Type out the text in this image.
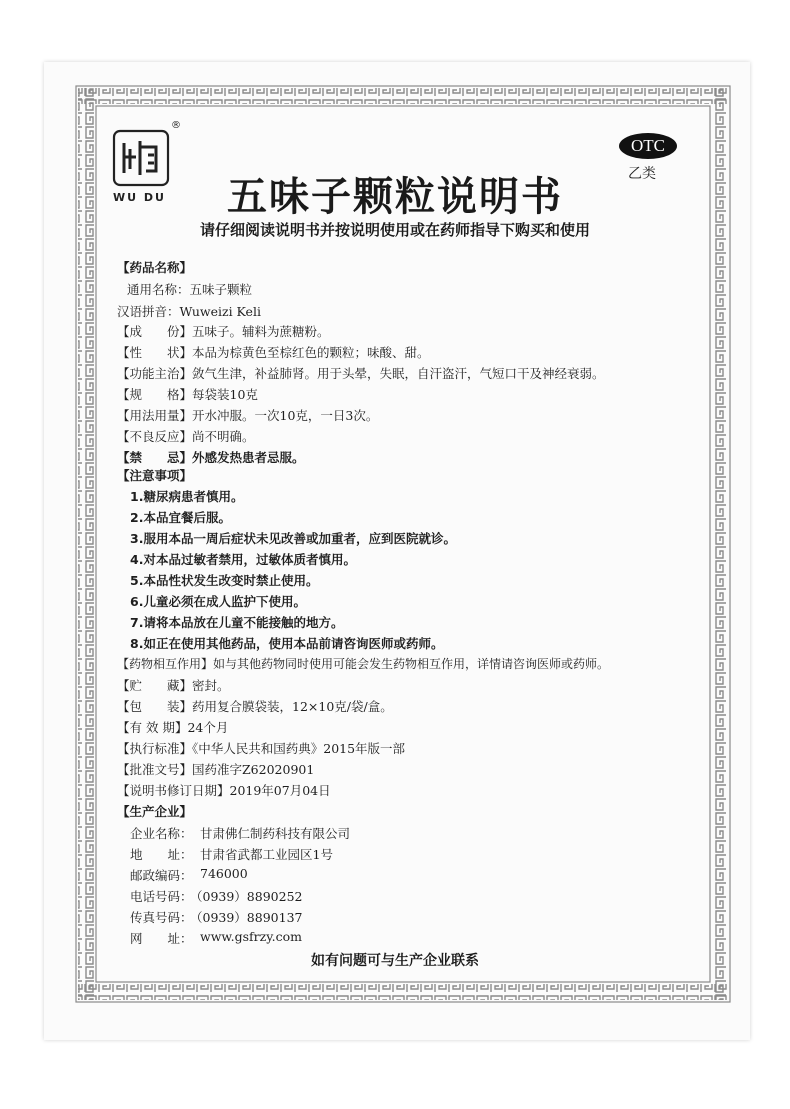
®
WU DU
OTC
乙类
五味子颗粒说明书
请仔细阅读说明书并按说明使用或在药师指导下购买和使用
【药品名称】
通用名称：五味子颗粒
汉语拼音：Wuweizi Keli
【成　　份】五味子。辅料为蔗糖粉。
【性　　状】本品为棕黄色至棕红色的颗粒；味酸、甜。
【功能主治】敛气生津，补益肺肾。用于头晕，失眠，自汗盗汗，气短口干及神经衰弱。
【规　　格】每袋装10克
【用法用量】开水冲服。一次10克，一日3次。
【不良反应】尚不明确。
【禁　　忌】外感发热患者忌服。
【注意事项】
1.糖尿病患者慎用。
2.本品宜餐后服。
3.服用本品一周后症状未见改善或加重者，应到医院就诊。
4.对本品过敏者禁用，过敏体质者慎用。
5.本品性状发生改变时禁止使用。
6.儿童必须在成人监护下使用。
7.请将本品放在儿童不能接触的地方。
8.如正在使用其他药品，使用本品前请咨询医师或药师。
【药物相互作用】如与其他药物同时使用可能会发生药物相互作用，详情请咨询医师或药师。
【贮　　藏】密封。
【包　　装】药用复合膜袋装，12×10克/袋/盒。
【有 效 期】24个月
【执行标准】《中华人民共和国药典》2015年版一部
【批准文号】国药准字Z62020901
【说明书修订日期】2019年07月04日
【生产企业】
企业名称： 甘肃佛仁制药科技有限公司
地　　址： 甘肃省武都工业园区1号
邮政编码： 746000
电话号码：
（0939）8890252
传真号码：
（0939）8890137
网　　址： www.gsfrzy.com
如有问题可与生产企业联系
